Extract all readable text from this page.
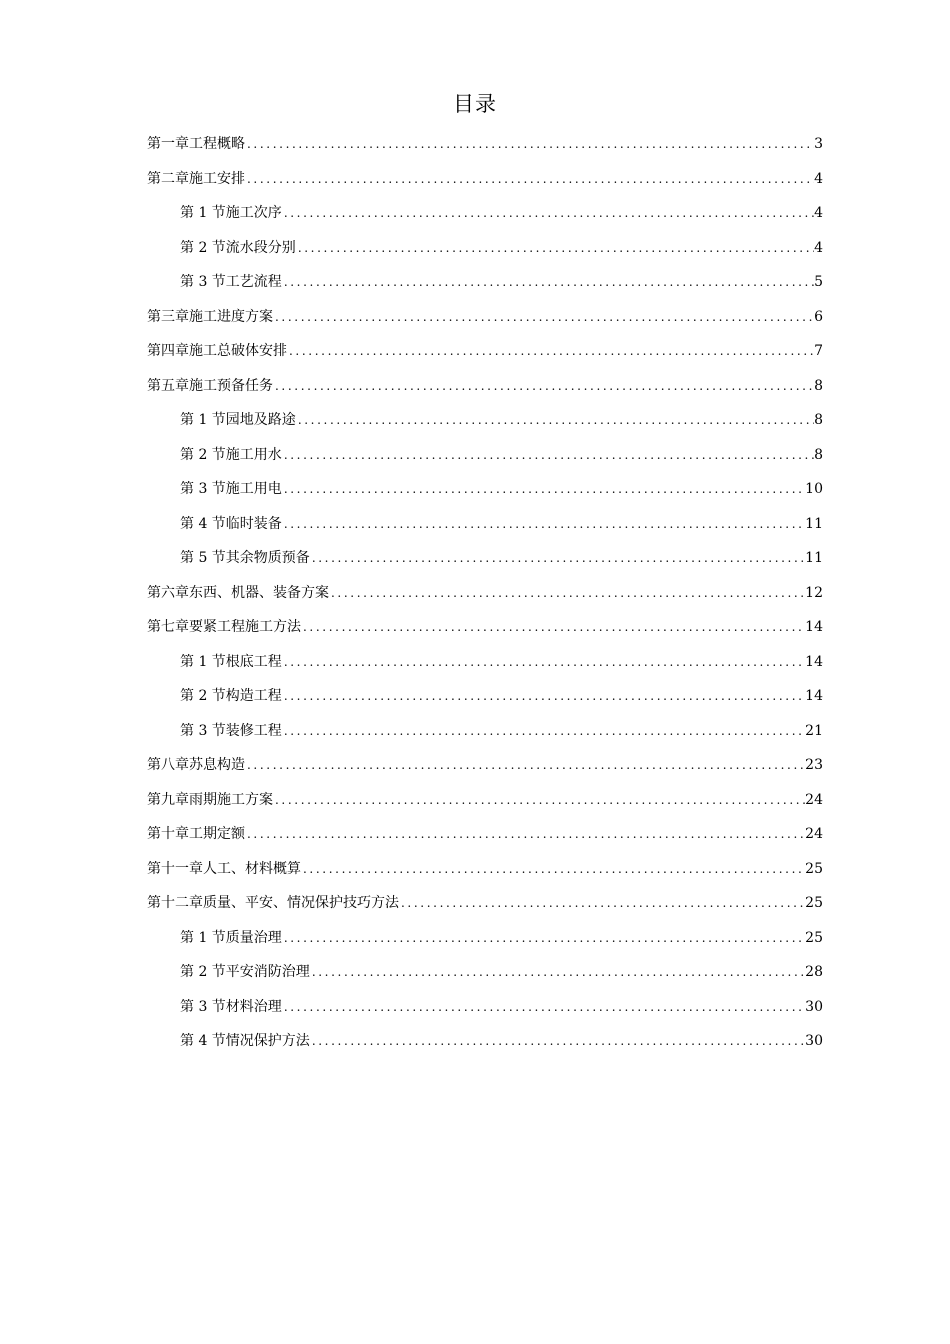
目录
第一章工程概略 . . .	3
第二章施工安排 . . .	4
第 1 节施工次序 . . .	4
第 2 节流水段分别 . . .	4
第 3 节工艺流程 . . .	5
第三章施工进度方案 . . .	6
第四章施工总破体安排 . . .	7
第五章施工预备任务 . . .	8
第 1 节园地及路途 . . .	8
第 2 节施工用水 . . .	8
第 3 节施工用电 . . .	10
第 4 节临时装备 . . .	11
第 5 节其余物质预备 . . .	11
第六章东西、机器、装备方案 . . .	12
第七章要紧工程施工方法 . . .	14
第 1 节根底工程 . . .	14
第 2 节构造工程 . . .	14
第 3 节装修工程 . . .	21
第八章苏息构造 . . .	23
第九章雨期施工方案 . . .	24
第十章工期定额 . . .	24
第十一章人工、材料概算 . . .	25
第十二章质量、平安、情况保护技巧方法 . . .	25
第 1 节质量治理 . . .	25
第 2 节平安消防治理 . . .	28
第 3 节材料治理 . . .	30
第 4 节情况保护方法 . . .	30
